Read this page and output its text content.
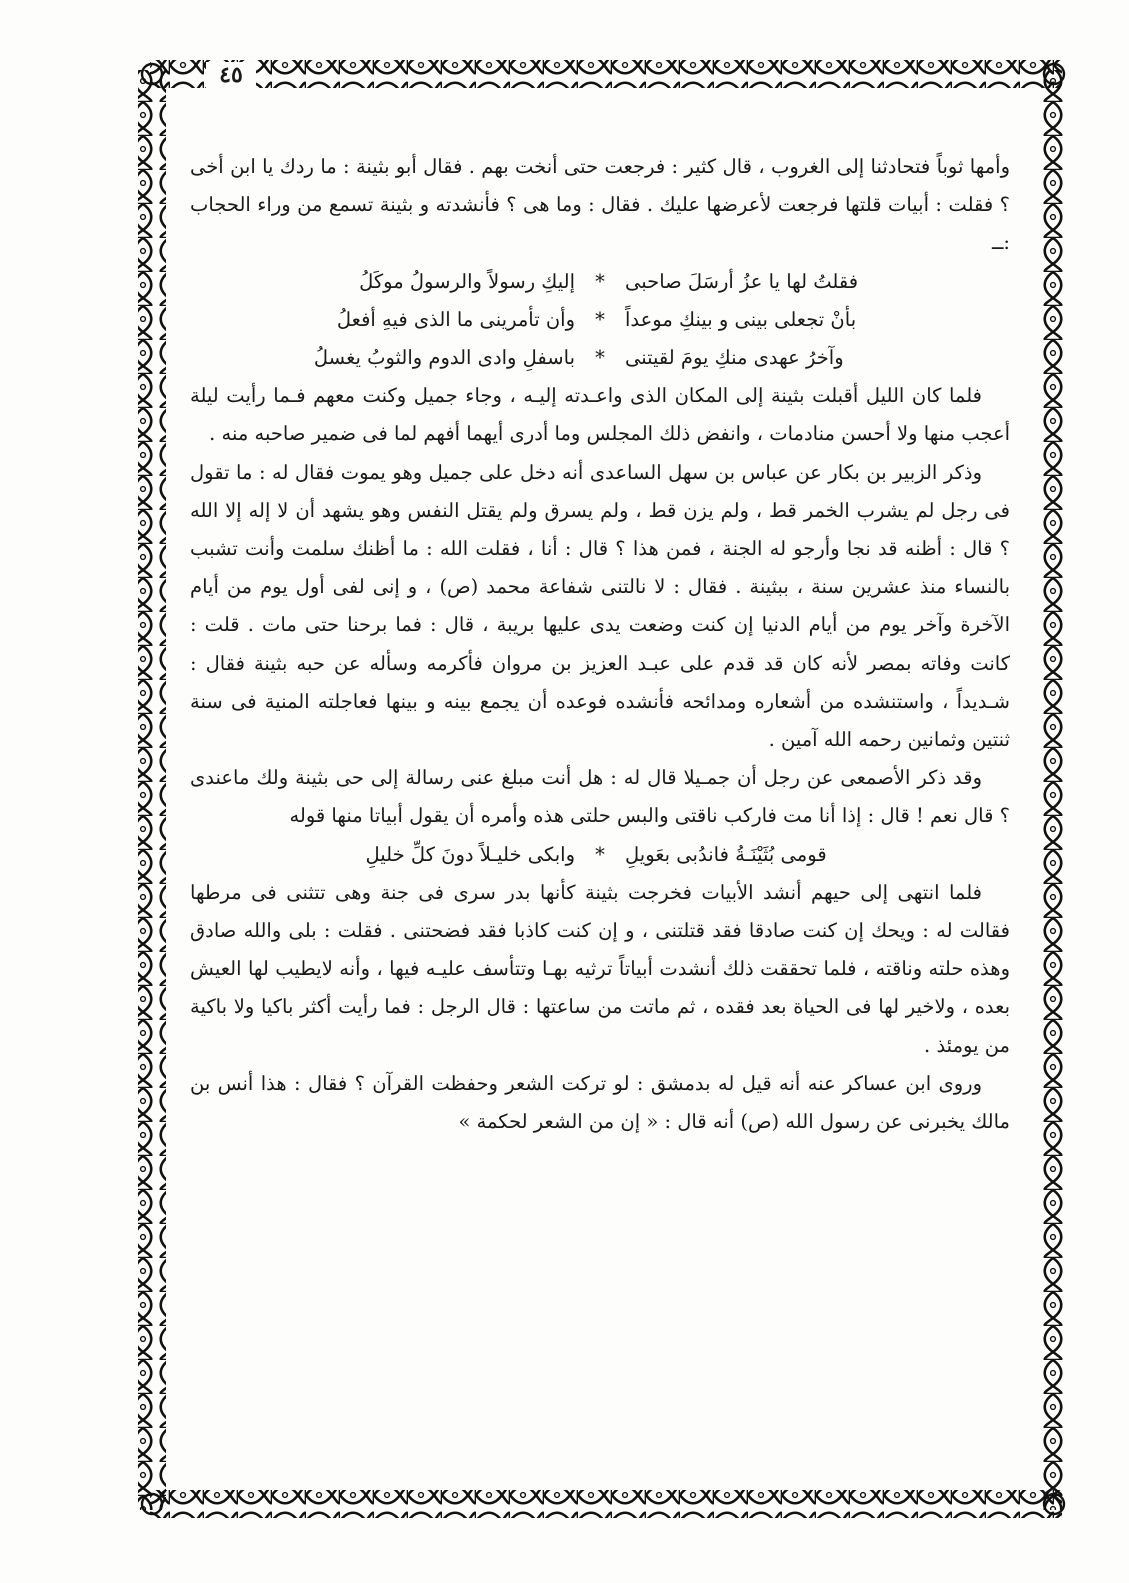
٤٥

وأمها ثوباً فتحادثنا إلى الغروب ، قال كثير : فرجعت حتى أنخت بهم . فقال أبو بثينة : ما ردك يا ابن أخى ؟ فقلت : أبيات قلتها فرجعت لأعرضها عليك . فقال : وما هى ؟ فأنشدته و بثينة تسمع من وراء الحجاب :ــ

فقلتُ لها يا عزُ أرسَلَ صاحبى
*
إليكِ رسولاً والرسولُ موكَلُ
بأنْ تجعلى بينى و بينكِ موعداً
*
وأن تأمرينى ما الذى فيهِ أفعلُ
وآخرُ عهدى منكِ يومَ لقيتنى
*
باسفلِ وادى الدوم والثوبُ يغسلُ

فلما كان الليل أقبلت بثينة إلى المكان الذى واعـدته إليـه ، وجاء جميل وكنت معهم فـما رأيت ليلة أعجب منها ولا أحسن منادمات ، وانفض ذلك المجلس وما أدرى أيهما أفهم لما فى ضمير صاحبه منه .

وذكر الزبير بن بكار عن عباس بن سهل الساعدى أنه دخل على جميل وهو يموت فقال له : ما تقول فى رجل لم يشرب الخمر قط ، ولم يزن قط ، ولم يسرق ولم يقتل النفس وهو يشهد أن لا إله إلا الله ؟ قال : أظنه قد نجا وأرجو له الجنة ، فمن هذا ؟ قال : أنا ، فقلت الله : ما أظنك سلمت وأنت تشبب بالنساء منذ عشرين سنة ، ببثينة . فقال : لا نالتنى شفاعة محمد (ص) ، و إنى لفى أول يوم من أيام الآخرة وآخر يوم من أيام الدنيا إن كنت وضعت يدى عليها بريبة ، قال : فما برحنا حتى مات . قلت : كانت وفاته بمصر لأنه كان قد قدم على عبـد العزيز بن مروان فأكرمه وسأله عن حبه بثينة فقال : شـديداً ، واستنشده من أشعاره ومدائحه فأنشده فوعده أن يجمع بينه و بينها فعاجلته المنية فى سنة ثنتين وثمانين رحمه الله آمين .

وقد ذكر الأصمعى عن رجل أن جمـيلا قال له : هل أنت مبلغ عنى رسالة إلى حى بثينة ولك ماعندى ؟ قال نعم ! قال : إذا أنا مت فاركب ناقتى والبس حلتى هذه وأمره أن يقول أبياتا منها قوله

قومى بُثَيْنَـةُ فاندُبى بعَويلِ
*
وابكى خليـلاً دونَ كلِّ خليلِ

فلما انتهى إلى حيهم أنشد الأبيات فخرجت بثينة كأنها بدر سرى فى جنة وهى تتثنى فى مرطها فقالت له : ويحك إن كنت صادقا فقد قتلتنى ، و إن كنت كاذبا فقد فضحتنى . فقلت : بلى والله صادق وهذه حلته وناقته ، فلما تحققت ذلك أنشدت أبياتاً ترثيه بهـا وتتأسف عليـه فيها ، وأنه لايطيب لها العيش بعده ، ولاخير لها فى الحياة بعد فقده ، ثم ماتت من ساعتها : قال الرجل : فما رأيت أكثر باكيا ولا باكية من يومئذ .

وروى ابن عساكر عنه أنه قيل له بدمشق : لو تركت الشعر وحفظت القرآن ؟ فقال : هذا أنس بن مالك يخبرنى عن رسول الله (ص) أنه قال : « إن من الشعر لحكمة »
